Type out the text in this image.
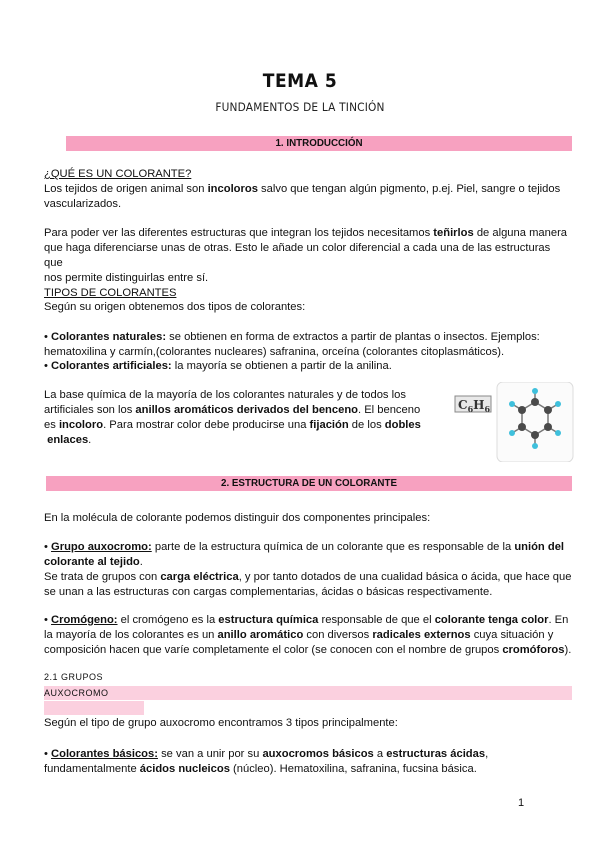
TEMA 5
FUNDAMENTOS DE LA TINCIÓN
1. INTRODUCCIÓN
¿QUÉ ES UN COLORANTE?
Los tejidos de origen animal son incoloros salvo que tengan algún pigmento, p.ej. Piel, sangre o tejidos
vascularizados.
Para poder ver las diferentes estructuras que integran los tejidos necesitamos teñirlos de alguna manera
que haga diferenciarse unas de otras. Esto le añade un color diferencial a cada una de las estructuras que
nos permite distinguirlas entre sí.
TIPOS DE COLORANTES
Según su origen obtenemos dos tipos de colorantes:
• Colorantes naturales: se obtienen en forma de extractos a partir de plantas o insectos. Ejemplos:
hematoxilina y carmín,(colorantes nucleares) safranina, orceína (colorantes citoplasmáticos).
• Colorantes artificiales: la mayoría se obtienen a partir de la anilina.
La base química de la mayoría de los colorantes naturales y de todos los
artificiales son los anillos aromáticos derivados del benceno. El benceno
es incoloro. Para mostrar color debe producirse una fijación de los dobles
enlaces.
$C_6H_6$
2. ESTRUCTURA DE UN COLORANTE
En la molécula de colorante podemos distinguir dos componentes principales:
• Grupo auxocromo: parte de la estructura química de un colorante que es responsable de la unión del
colorante al tejido.
Se trata de grupos con carga eléctrica, y por tanto dotados de una cualidad básica o ácida, que hace que
se unan a las estructuras con cargas complementarias, ácidas o básicas respectivamente.
• Cromógeno: el cromógeno es la estructura química responsable de que el colorante tenga color. En
la mayoría de los colorantes es un anillo aromático con diversos radicales externos cuya situación y
composición hacen que varíe completamente el color (se conocen con el nombre de grupos cromóforos).
2.1 GRUPOS
AUXOCROMO
Según el tipo de grupo auxocromo encontramos 3 tipos principalmente:
• Colorantes básicos: se van a unir por su auxocromos básicos a estructuras ácidas,
fundamentalmente ácidos nucleicos (núcleo). Hematoxilina, safranina, fucsina básica.
1
